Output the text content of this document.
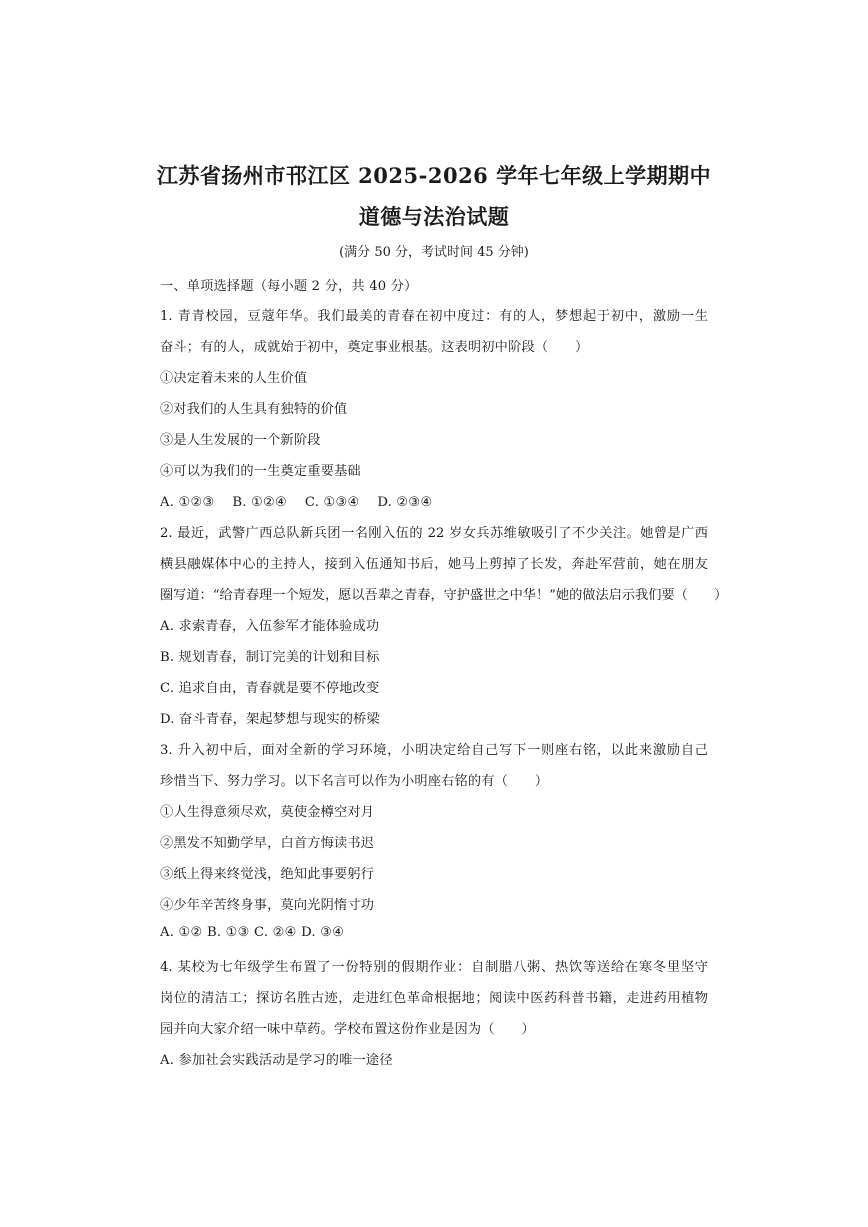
江苏省扬州市邗江区 2025-2026 学年七年级上学期期中
道德与法治试题
(满分 50 分，考试时间 45 分钟)
一、单项选择题（每小题 2 分，共 40 分）
1. 青青校园，豆蔻年华。我们最美的青春在初中度过：有的人，梦想起于初中，激励一生
奋斗；有的人，成就始于初中，奠定事业根基。这表明初中阶段（　　）
①决定着未来的人生价值
②对我们的人生具有独特的价值
③是人生发展的一个新阶段
④可以为我们的一生奠定重要基础
A. ①②③　 B. ①②④　 C. ①③④　 D. ②③④
2. 最近，武警广西总队新兵团一名刚入伍的 22 岁女兵苏维敏吸引了不少关注。她曾是广西
横县融媒体中心的主持人，接到入伍通知书后，她马上剪掉了长发，奔赴军营前，她在朋友
圈写道：“给青春理一个短发，愿以吾辈之青春，守护盛世之中华！”她的做法启示我们要（　　）
A. 求索青春，入伍参军才能体验成功
B. 规划青春，制订完美的计划和目标
C. 追求自由，青春就是要不停地改变
D. 奋斗青春，架起梦想与现实的桥梁
3. 升入初中后，面对全新的学习环境，小明决定给自己写下一则座右铭，以此来激励自己
珍惜当下、努力学习。以下名言可以作为小明座右铭的有（　　）
①人生得意须尽欢，莫使金樽空对月
②黑发不知勤学早，白首方悔读书迟
③纸上得来终觉浅，绝知此事要躬行
④少年辛苦终身事，莫向光阴惰寸功
A. ①② B. ①③ C. ②④ D. ③④
4. 某校为七年级学生布置了一份特别的假期作业：自制腊八粥、热饮等送给在寒冬里坚守
岗位的清洁工；探访名胜古迹，走进红色革命根据地；阅读中医药科普书籍，走进药用植物
园并向大家介绍一味中草药。学校布置这份作业是因为（　　）
A. 参加社会实践活动是学习的唯一途径
